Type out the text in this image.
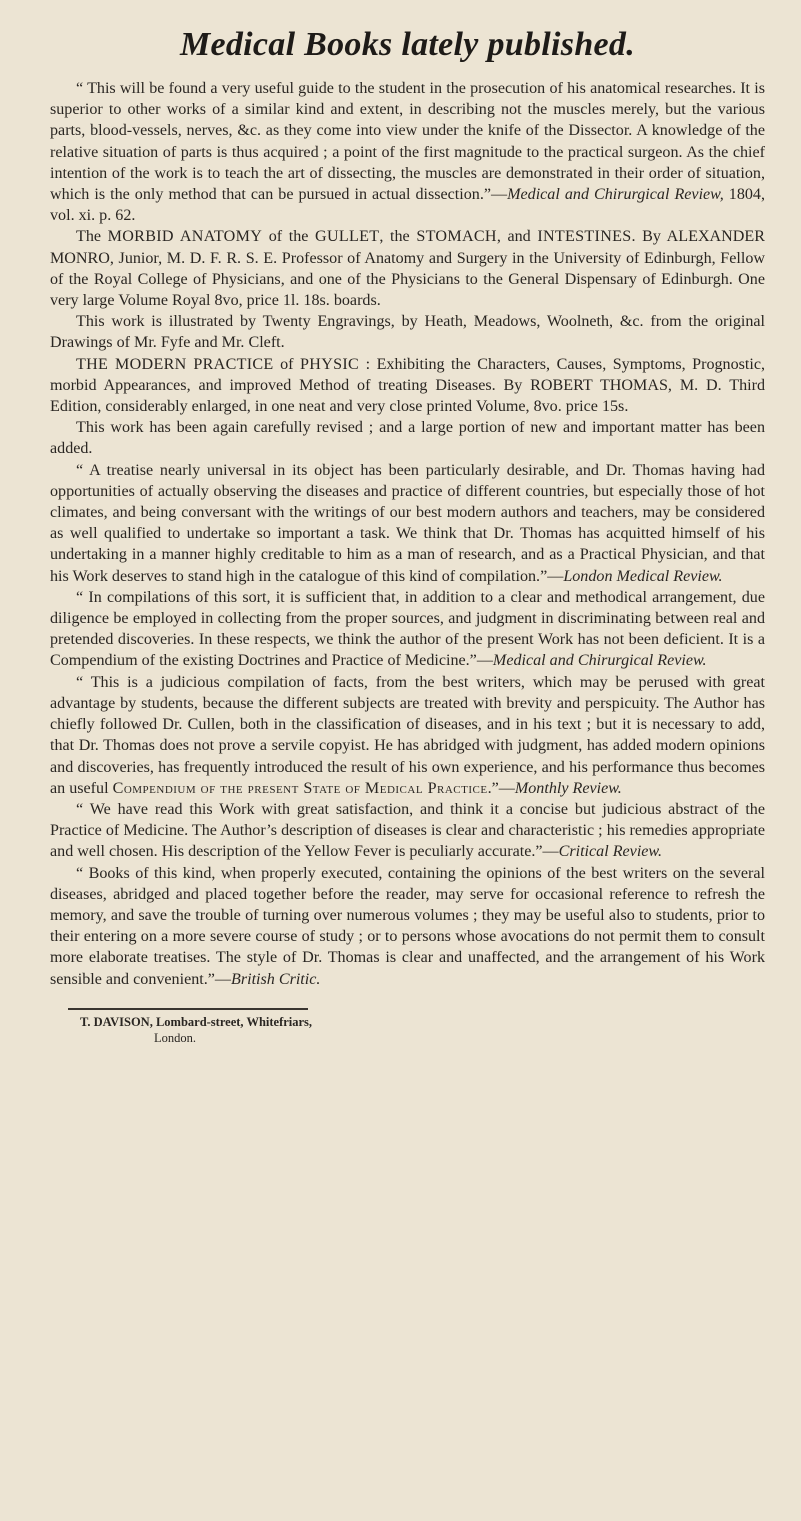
Medical Books lately published.

“ This will be found a very useful guide to the student in the prosecution of his anatomical researches. It is superior to other works of a similar kind and extent, in describing not the muscles merely, but the various parts, blood-vessels, nerves, &c. as they come into view under the knife of the Dissector. A knowledge of the relative situation of parts is thus acquired ; a point of the first magnitude to the practical surgeon. As the chief intention of the work is to teach the art of dissecting, the muscles are demonstrated in their order of situation, which is the only method that can be pursued in actual dissection.”—Medical and Chirurgical Review, 1804, vol. xi. p. 62.

The MORBID ANATOMY of the GULLET, the STOMACH, and INTESTINES. By ALEXANDER MONRO, Junior, M. D. F. R. S. E. Professor of Anatomy and Surgery in the University of Edinburgh, Fellow of the Royal College of Physicians, and one of the Physicians to the General Dispensary of Edinburgh. One very large Volume Royal 8vo, price 1l. 18s. boards.

This work is illustrated by Twenty Engravings, by Heath, Meadows, Woolneth, &c. from the original Drawings of Mr. Fyfe and Mr. Cleft.

THE MODERN PRACTICE of PHYSIC : Exhibiting the Characters, Causes, Symptoms, Prognostic, morbid Appearances, and improved Method of treating Diseases. By ROBERT THOMAS, M. D. Third Edition, considerably enlarged, in one neat and very close printed Volume, 8vo. price 15s.

This work has been again carefully revised ; and a large portion of new and important matter has been added.

“ A treatise nearly universal in its object has been particularly desirable, and Dr. Thomas having had opportunities of actually observing the diseases and practice of different countries, but especially those of hot climates, and being conversant with the writings of our best modern authors and teachers, may be considered as well qualified to undertake so important a task. We think that Dr. Thomas has acquitted himself of his undertaking in a manner highly creditable to him as a man of research, and as a Practical Physician, and that his Work deserves to stand high in the catalogue of this kind of compilation.”—London Medical Review.

“ In compilations of this sort, it is sufficient that, in addition to a clear and methodical arrangement, due diligence be employed in collecting from the proper sources, and judgment in discriminating between real and pretended discoveries. In these respects, we think the author of the present Work has not been deficient. It is a Compendium of the existing Doctrines and Practice of Medicine.”—Medical and Chirurgical Review.

“ This is a judicious compilation of facts, from the best writers, which may be perused with great advantage by students, because the different subjects are treated with brevity and perspicuity. The Author has chiefly followed Dr. Cullen, both in the classification of diseases, and in his text ; but it is necessary to add, that Dr. Thomas does not prove a servile copyist. He has abridged with judgment, has added modern opinions and discoveries, has frequently introduced the result of his own experience, and his performance thus becomes an useful Compendium of the present State of Medical Practice.”—Monthly Review.

“ We have read this Work with great satisfaction, and think it a concise but judicious abstract of the Practice of Medicine. The Author’s description of diseases is clear and characteristic ; his remedies appropriate and well chosen. His description of the Yellow Fever is peculiarly accurate.”—Critical Review.

“ Books of this kind, when properly executed, containing the opinions of the best writers on the several diseases, abridged and placed together before the reader, may serve for occasional reference to refresh the memory, and save the trouble of turning over numerous volumes ; they may be useful also to students, prior to their entering on a more severe course of study ; or to persons whose avocations do not permit them to consult more elaborate treatises. The style of Dr. Thomas is clear and unaffected, and the arrangement of his Work sensible and convenient.”—British Critic.

T. DAVISON, Lombard-street, Whitefriars,
London.
